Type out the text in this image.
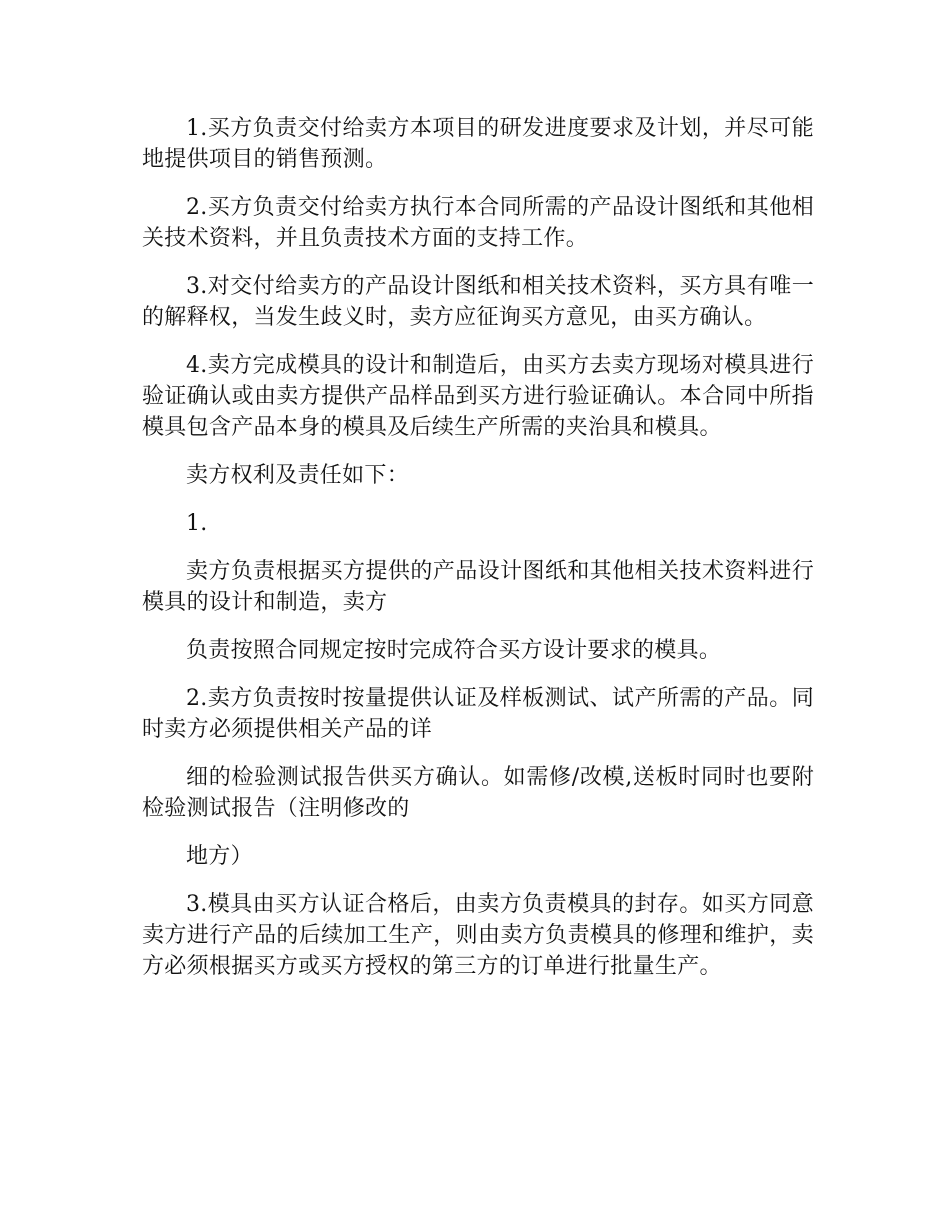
1.买方负责交付给卖方本项目的研发进度要求及计划，并尽可能地提供项目的销售预测。

2.买方负责交付给卖方执行本合同所需的产品设计图纸和其他相关技术资料，并且负责技术方面的支持工作。

3.对交付给卖方的产品设计图纸和相关技术资料，买方具有唯一的解释权，当发生歧义时，卖方应征询买方意见，由买方确认。

4.卖方完成模具的设计和制造后，由买方去卖方现场对模具进行验证确认或由卖方提供产品样品到买方进行验证确认。本合同中所指模具包含产品本身的模具及后续生产所需的夹治具和模具。

卖方权利及责任如下：

1.

卖方负责根据买方提供的产品设计图纸和其他相关技术资料进行模具的设计和制造，卖方

负责按照合同规定按时完成符合买方设计要求的模具。

2.卖方负责按时按量提供认证及样板测试、试产所需的产品。同时卖方必须提供相关产品的详

细的检验测试报告供买方确认。如需修/改模,送板时同时也要附检验测试报告（注明修改的

地方）

3.模具由买方认证合格后，由卖方负责模具的封存。如买方同意卖方进行产品的后续加工生产，则由卖方负责模具的修理和维护，卖方必须根据买方或买方授权的第三方的订单进行批量生产。
